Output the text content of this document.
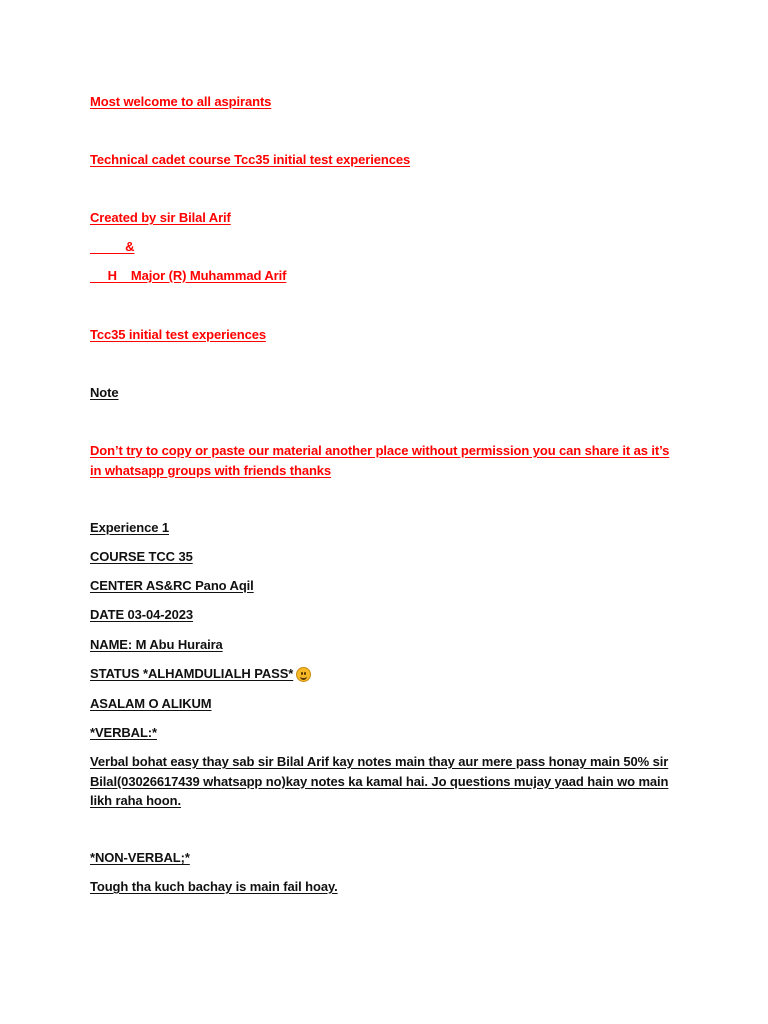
Most welcome to all aspirants
Technical cadet course Tcc35 initial test experiences
Created by sir Bilal Arif
&
H Major (R) Muhammad Arif
Tcc35 initial test experiences
Note
Don’t try to copy or paste our material another place without permission you can share it as it’s in whatsapp groups with friends thanks
Experience 1
COURSE TCC 35
CENTER AS&RC Pano Aqil
DATE 03-04-2023
NAME: M Abu Huraira
STATUS *ALHAMDULIALH PASS*
ASALAM O ALIKUM
*VERBAL:*
Verbal bohat easy thay sab sir Bilal Arif kay notes main thay aur mere pass honay main 50% sir Bilal(03026617439 whatsapp no)kay notes ka kamal hai. Jo questions mujay yaad hain wo main likh raha hoon.
*NON-VERBAL;*
Tough tha kuch bachay is main fail hoay.
